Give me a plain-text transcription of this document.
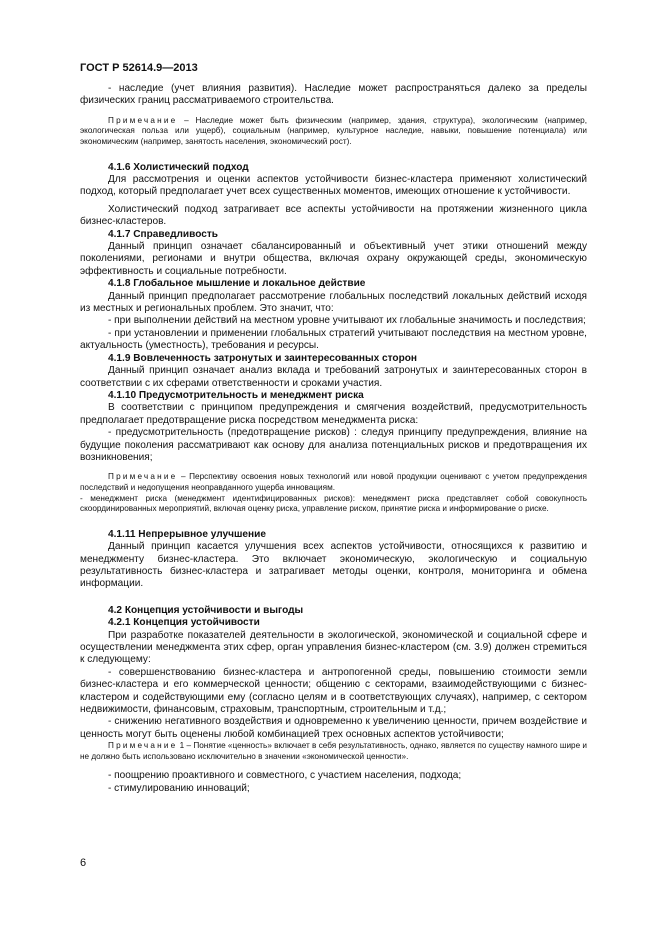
ГОСТ Р 52614.9—2013

- наследие (учет влияния развития). Наследие может распространяться далеко за пределы физических границ рассматриваемого строительства.

Примечание – Наследие может быть физическим (например, здания, структура), экологическим (например, экологическая польза или ущерб), социальным (например, культурное наследие, навыки, повышение потенциала) или экономическим (например, занятость населения, экономический рост).

4.1.6 Холистический подход

Для рассмотрения и оценки аспектов устойчивости бизнес-кластера применяют холистический подход, который предполагает учет всех существенных моментов, имеющих отношение к устойчивости.

Холистический подход затрагивает все аспекты устойчивости на протяжении жизненного цикла бизнес-кластеров.

4.1.7 Справедливость

Данный принцип означает сбалансированный и объективный учет этики отношений между поколениями, регионами и внутри общества, включая охрану окружающей среды, экономическую эффективность и социальные потребности.

4.1.8 Глобальное мышление и локальное действие

Данный принцип предполагает рассмотрение глобальных последствий локальных действий исходя из местных и региональных проблем. Это значит, что:

- при выполнении действий на местном уровне учитывают их глобальные значимость и последствия;

- при установлении и применении глобальных стратегий учитывают последствия на местном уровне, актуальность (уместность), требования и ресурсы.

4.1.9 Вовлеченность затронутых и заинтересованных сторон

Данный принцип означает анализ вклада и требований затронутых и заинтересованных сторон в соответствии с их сферами ответственности и сроками участия.

4.1.10 Предусмотрительность и менеджмент риска

В соответствии с принципом предупреждения и смягчения воздействий, предусмотрительность предполагает предотвращение риска посредством менеджмента риска:

- предусмотрительность (предотвращение рисков) : следуя принципу предупреждения, влияние на будущие поколения рассматривают как основу для анализа потенциальных рисков и предотвращения их возникновения;

Примечание – Перспективу освоения новых технологий или новой продукции оценивают с учетом предупреждения последствий и недопущения неоправданного ущерба инновациям.

- менеджмент риска (менеджмент идентифицированных рисков): менеджмент риска представляет собой совокупность скоординированных мероприятий, включая оценку риска, управление риском, принятие риска и информирование о риске.

4.1.11 Непрерывное улучшение

Данный принцип касается улучшения всех аспектов устойчивости, относящихся к развитию и менеджменту бизнес-кластера. Это включает экономическую, экологическую и социальную результативность бизнес-кластера и затрагивает методы оценки, контроля, мониторинга и обмена информации.

4.2 Концепция устойчивости и выгоды

4.2.1 Концепция устойчивости

При разработке показателей деятельности в экологической, экономической и социальной сфере и осуществлении менеджмента этих сфер, орган управления бизнес-кластером (см. 3.9) должен стремиться к следующему:

- совершенствованию бизнес-кластера и антропогенной среды, повышению стоимости земли бизнес-кластера и его коммерческой ценности; общению с секторами, взаимодействующими с бизнес-кластером и содействующими ему (согласно целям и в соответствующих случаях), например, с сектором недвижимости, финансовым, страховым, транспортным, строительным и т.д.;

- снижению негативного воздействия и одновременно к увеличению ценности, причем воздействие и ценность могут быть оценены любой комбинацией трех основных аспектов устойчивости;

Примечание 1 – Понятие «ценность» включает в себя результативность, однако, является по существу намного шире и не должно быть использовано исключительно в значении «экономической ценности».

- поощрению проактивного и совместного, с участием населения, подхода;

- стимулированию инноваций;

6
